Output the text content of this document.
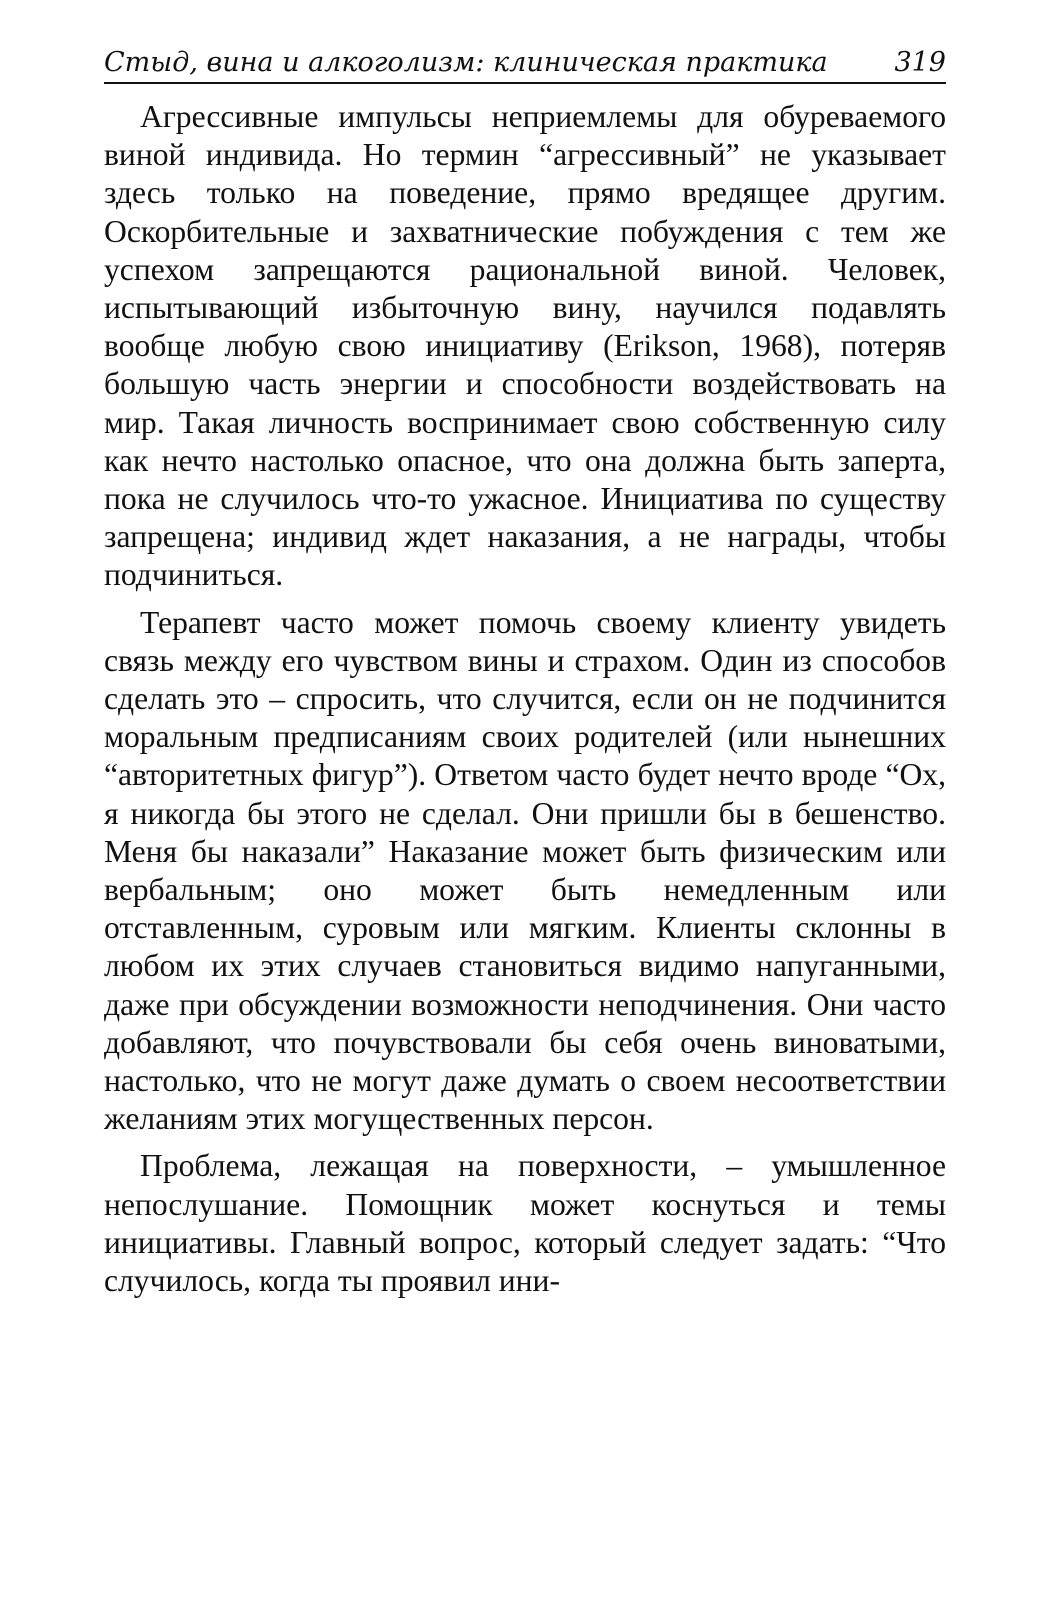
Стыд, вина и алкоголизм: клиническая практика 319

Агрессивные импульсы неприемлемы для обуреваемого виной индивида. Но термин “агрессивный” не указывает здесь только на поведение, прямо вредящее другим. Оскорбительные и захватнические побуждения с тем же успехом запрещаются рациональной виной. Человек, испытывающий избыточную вину, научился подавлять вообще любую свою инициативу (Erikson, 1968), потеряв большую часть энергии и способности воздействовать на мир. Такая личность воспринимает свою собственную силу как нечто настолько опасное, что она должна быть заперта, пока не случилось что-то ужасное. Инициатива по существу запрещена; индивид ждет наказания, а не награды, чтобы подчиниться.

Терапевт часто может помочь своему клиенту увидеть связь между его чувством вины и страхом. Один из способов сделать это – спросить, что случится, если он не подчинится моральным предписаниям своих родителей (или нынешних “авторитетных фигур”). Ответом часто будет нечто вроде “Ох, я никогда бы этого не сделал. Они пришли бы в бешенство. Меня бы наказали” Наказание может быть физическим или вербальным; оно может быть немедленным или отставленным, суровым или мягким. Клиенты склонны в любом их этих случаев становиться видимо напуганными, даже при обсуждении возможности неподчинения. Они часто добавляют, что почувствовали бы себя очень виноватыми, настолько, что не могут даже думать о своем несоответствии желаниям этих могущественных персон.

Проблема, лежащая на поверхности, – умышленное непослушание. Помощник может коснуться и темы инициативы. Главный вопрос, который следует задать: “Что случилось, когда ты проявил ини-
